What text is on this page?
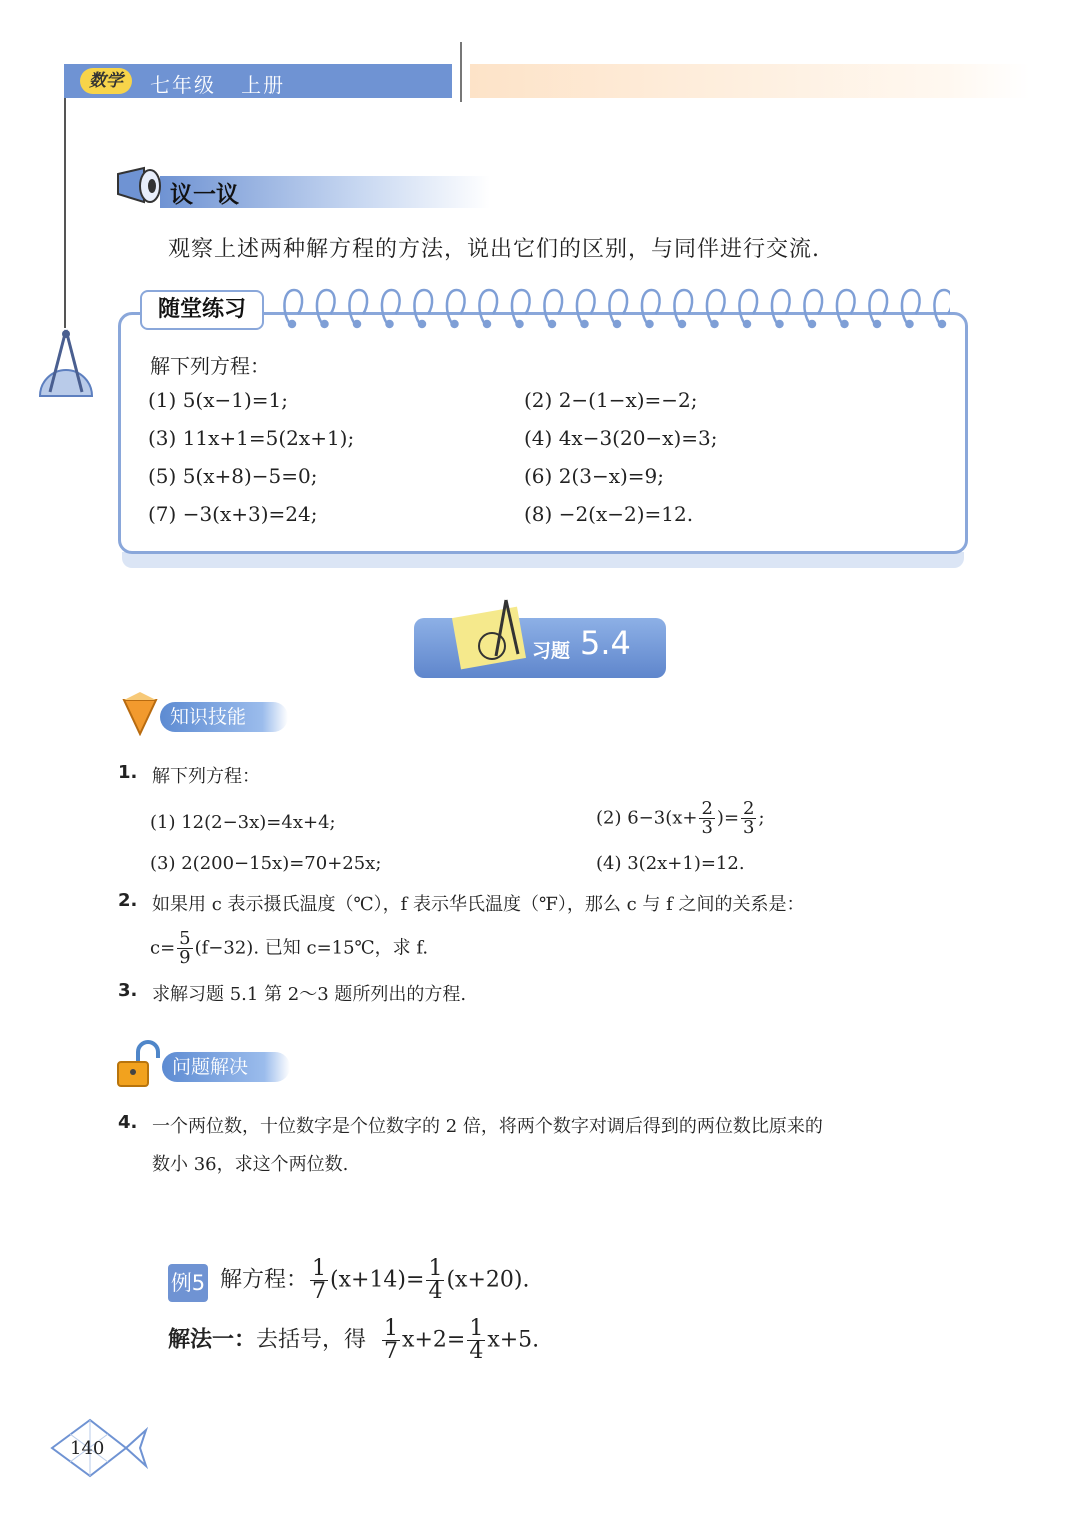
数学	七年级 上册
议一议
观察上述两种解方程的方法，说出它们的区别，与同伴进行交流.
随堂练习
解下列方程：
(1) 5(x−1)=1;	(2) 2−(1−x)=−2;
(3) 11x+1=5(2x+1);	(4) 4x−3(20−x)=3;
(5) 5(x+8)−5=0;	(6) 2(3−x)=9;
(7) −3(x+3)=24;	(8) −2(x−2)=12.
习题 5.4
知识技能
1. 解下列方程：
(1) 12(2−3x)=4x+4;	(2) $6-3(x+ \frac{2}{3}$ )= $\frac{2}{3}$ ;
(3) 2(200−15x)=70+25x;	(4) 3(2x+1)=12.
2. 如果用 c 表示摄氏温度（℃），f 表示华氏温度（℉），那么 c 与 f 之间的关系是：
$c= \frac{5}{9} (f-32)$. 已知 c=15℃，求 f.
3. 求解习题 5.1 第 2～3 题所列出的方程.
问题解决
4. 一个两位数，十位数字是个位数字的 2 倍，将两个数字对调后得到的两位数比原来的
数小 36，求这个两位数.
例5 解方程： $\frac{1}{7} (x+14)= \frac{1}{4} (x+20)$.
解法一：去括号，得 $\frac{1}{7} x+2= \frac{1}{4} x+5$.
140
